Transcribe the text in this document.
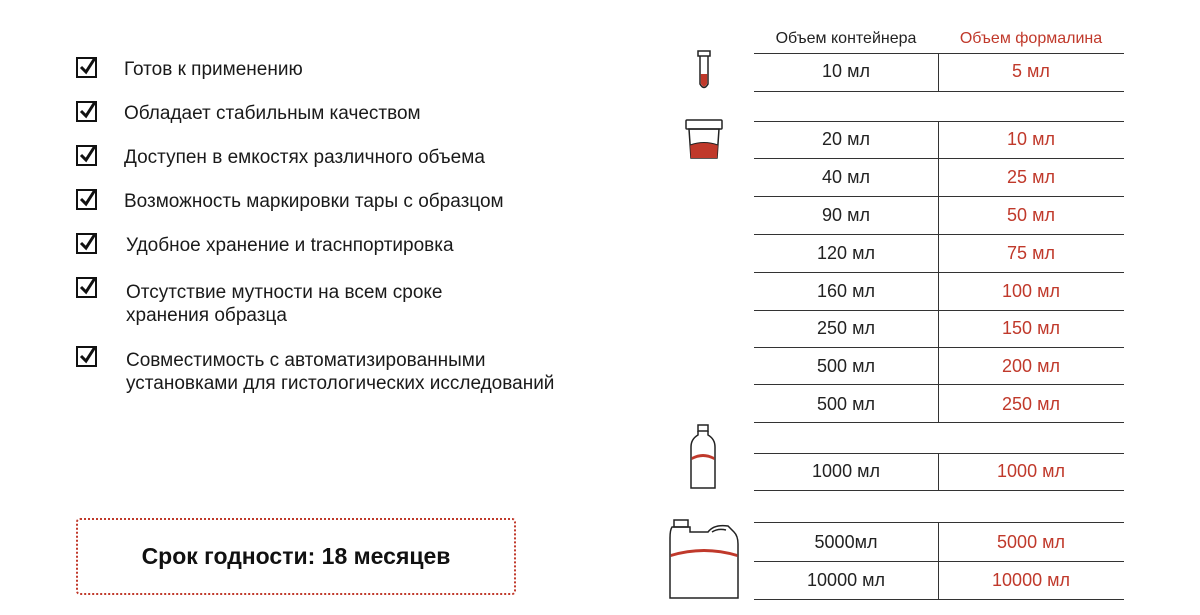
Готов к применению
Обладает стабильным качеством
Доступен в емкостях различного объема
Возможность маркировки тары с образцом
Удобное хранение и traснпортировка
Отсутствие мутности на всем сроке
хранения образца
Совместимость с автоматизированными
установками для гистологических исследований
Срок годности: 18 месяцев
Объем контейнера	Объем формалина
10 мл	5 мл
20 мл	10 мл
40 мл	25 мл
90 мл	50 мл
120 мл	75 мл
160 мл	100 мл
250 мл	150 мл
500 мл	200 мл
500 мл	250 мл
1000 мл	1000 мл
5000мл	5000 мл
10000 мл	10000 мл
